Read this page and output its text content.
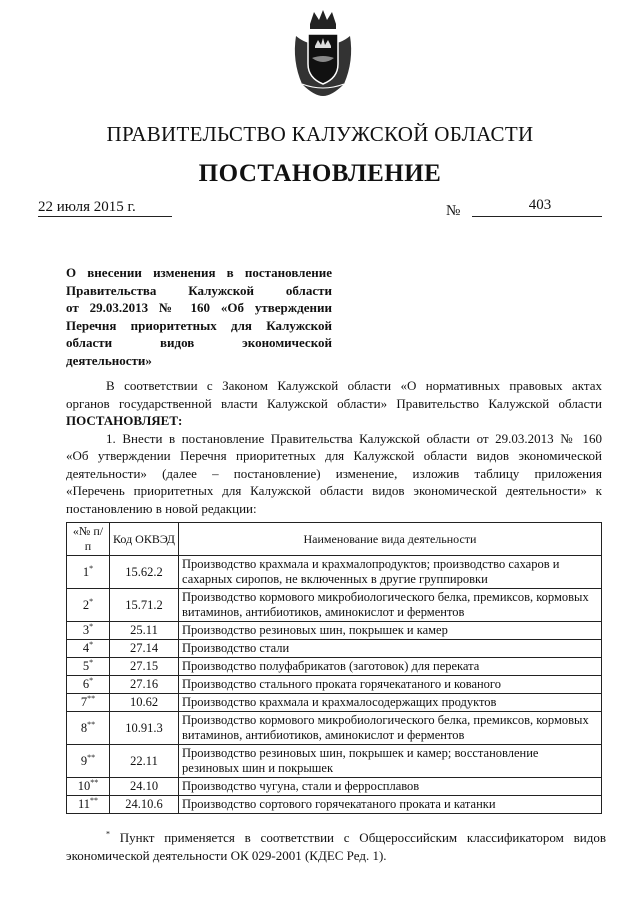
ПРАВИТЕЛЬСТВО КАЛУЖСКОЙ ОБЛАСТИ
ПОСТАНОВЛЕНИЕ
22 июля 2015 г.	№	403
О внесении изменения в постановление
Правительства Калужской области
от 29.03.2013 № 160 «Об утверждении
Перечня приоритетных для Калужской
области видов экономической
деятельности»
В соответствии с Законом Калужской области «О нормативных правовых актах
органов государственной власти Калужской области» Правительство Калужской области
ПОСТАНОВЛЯЕТ:
1. Внести в постановление Правительства Калужской области от 29.03.2013 № 160
«Об утверждении Перечня приоритетных для Калужской области видов экономической
деятельности» (далее – постановление) изменение, изложив таблицу приложения
«Перечень приоритетных для Калужской области видов экономической деятельности» к
постановлению в новой редакции:
«№ п/п	Код ОКВЭД	Наименование вида деятельности
1*	15.62.2	Производство крахмала и крахмалопродуктов; производство сахаров и сахарных сиропов, не включенных в другие группировки
2*	15.71.2	Производство кормового микробиологического белка, премиксов, кормовых витаминов, антибиотиков, аминокислот и ферментов
3*	25.11	Производство резиновых шин, покрышек и камер
4*	27.14	Производство стали
5*	27.15	Производство полуфабрикатов (заготовок) для переката
6*	27.16	Производство стального проката горячекатаного и кованого
7**	10.62	Производство крахмала и крахмалосодержащих продуктов
8**	10.91.3	Производство кормового микробиологического белка, премиксов, кормовых витаминов, антибиотиков, аминокислот и ферментов
9**	22.11	Производство резиновых шин, покрышек и камер; восстановление резиновых шин и покрышек
10**	24.10	Производство чугуна, стали и ферросплавов
11**	24.10.6	Производство сортового горячекатаного проката и катанки
* Пункт применяется в соответствии с Общероссийским классификатором видов
экономической деятельности ОК 029-2001 (КДЕС Ред. 1).
